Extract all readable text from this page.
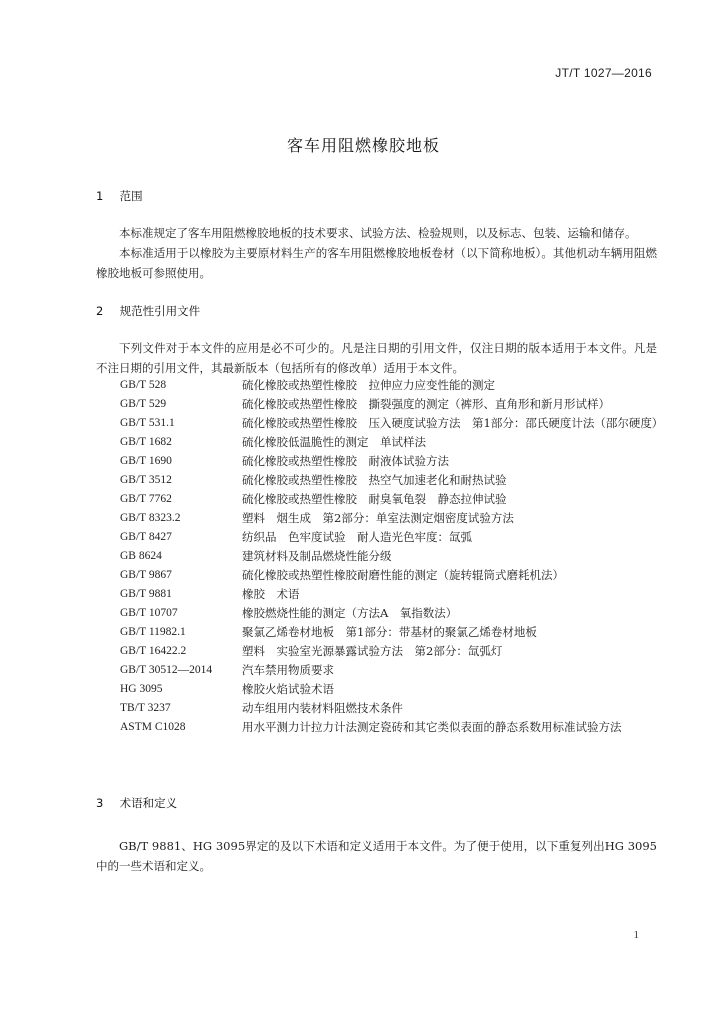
JT/T 1027—2016
客车用阻燃橡胶地板
1 范围
本标准规定了客车用阻燃橡胶地板的技术要求、试验方法、检验规则，以及标志、包装、运输和储存。
本标准适用于以橡胶为主要原材料生产的客车用阻燃橡胶地板卷材（以下简称地板）。其他机动车辆用阻燃橡胶地板可参照使用。
2 规范性引用文件
下列文件对于本文件的应用是必不可少的。凡是注日期的引用文件，仅注日期的版本适用于本文件。凡是不注日期的引用文件，其最新版本（包括所有的修改单）适用于本文件。
GB/T 528	硫化橡胶或热塑性橡胶　拉伸应力应变性能的测定
GB/T 529	硫化橡胶或热塑性橡胶　撕裂强度的测定（裤形、直角形和新月形试样）
GB/T 531.1	硫化橡胶或热塑性橡胶　压入硬度试验方法　第1部分：邵氏硬度计法（邵尔硬度）
GB/T 1682	硫化橡胶低温脆性的测定　单试样法
GB/T 1690	硫化橡胶或热塑性橡胶　耐液体试验方法
GB/T 3512	硫化橡胶或热塑性橡胶　热空气加速老化和耐热试验
GB/T 7762	硫化橡胶或热塑性橡胶　耐臭氧龟裂　静态拉伸试验
GB/T 8323.2	塑料　烟生成　第2部分：单室法测定烟密度试验方法
GB/T 8427	纺织品　色牢度试验　耐人造光色牢度：氙弧
GB 8624	建筑材料及制品燃烧性能分级
GB/T 9867	硫化橡胶或热塑性橡胶耐磨性能的测定（旋转辊筒式磨耗机法）
GB/T 9881	橡胶　术语
GB/T 10707	橡胶燃烧性能的测定（方法A　氧指数法）
GB/T 11982.1	聚氯乙烯卷材地板　第1部分：带基材的聚氯乙烯卷材地板
GB/T 16422.2	塑料　实验室光源暴露试验方法　第2部分：氙弧灯
GB/T 30512—2014	汽车禁用物质要求
HG 3095	橡胶火焰试验术语
TB/T 3237	动车组用内装材料阻燃技术条件
ASTM C1028	用水平测力计拉力计法测定瓷砖和其它类似表面的静态系数用标准试验方法
3 术语和定义
GB/T 9881、HG 3095界定的及以下术语和定义适用于本文件。为了便于使用，以下重复列出HG 3095中的一些术语和定义。
1
